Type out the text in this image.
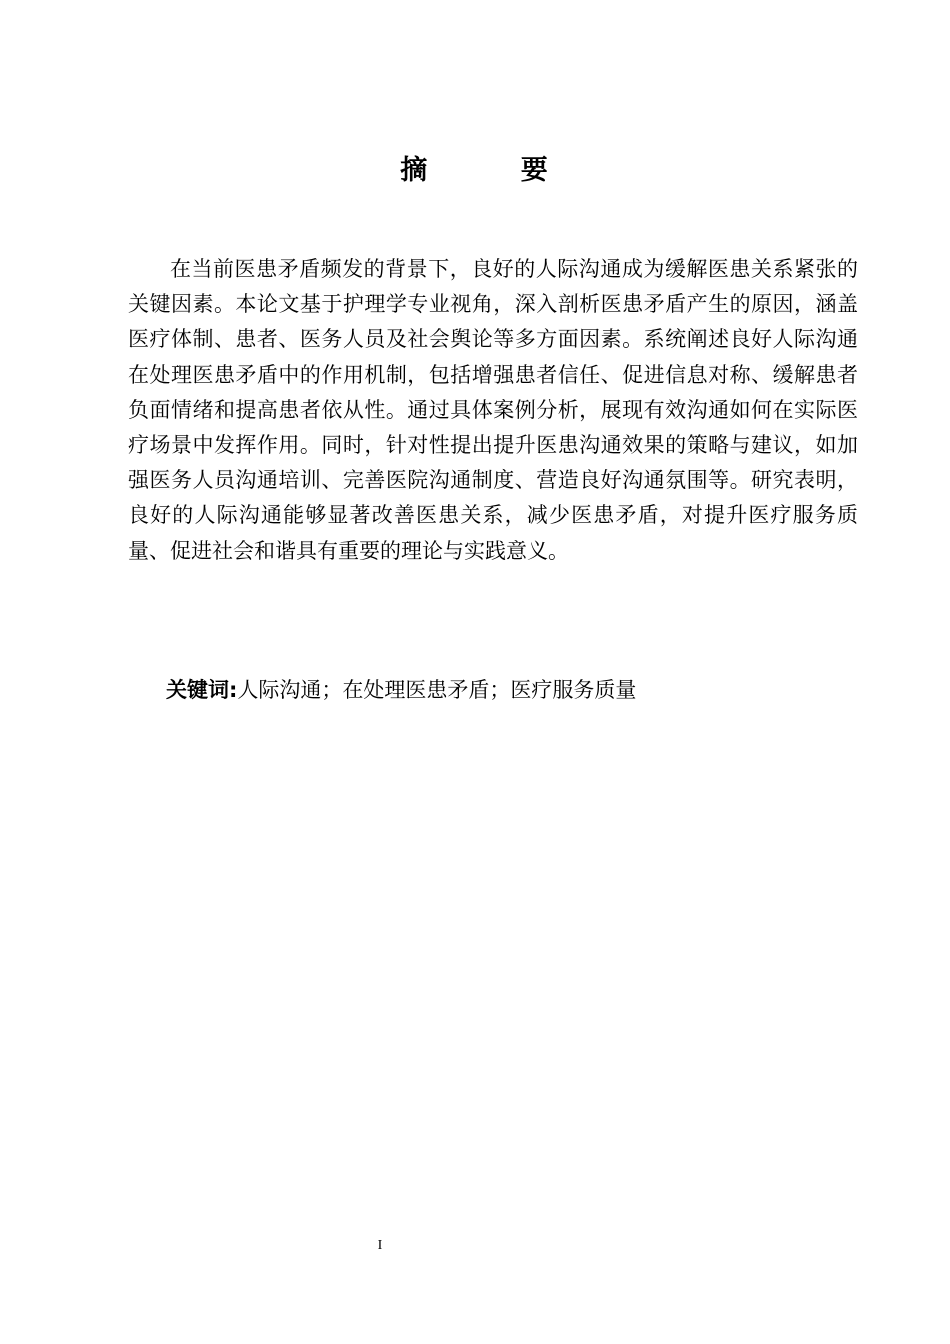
摘 要

在当前医患矛盾频发的背景下，良好的人际沟通成为缓解医患关系紧张的关键因素。本论文基于护理学专业视角，深入剖析医患矛盾产生的原因，涵盖医疗体制、患者、医务人员及社会舆论等多方面因素。系统阐述良好人际沟通在处理医患矛盾中的作用机制，包括增强患者信任、促进信息对称、缓解患者负面情绪和提高患者依从性。通过具体案例分析，展现有效沟通如何在实际医疗场景中发挥作用。同时，针对性提出提升医患沟通效果的策略与建议，如加强医务人员沟通培训、完善医院沟通制度、营造良好沟通氛围等。研究表明，良好的人际沟通能够显著改善医患关系，减少医患矛盾，对提升医疗服务质量、促进社会和谐具有重要的理论与实践意义。

关键词:人际沟通；在处理医患矛盾；医疗服务质量

I
